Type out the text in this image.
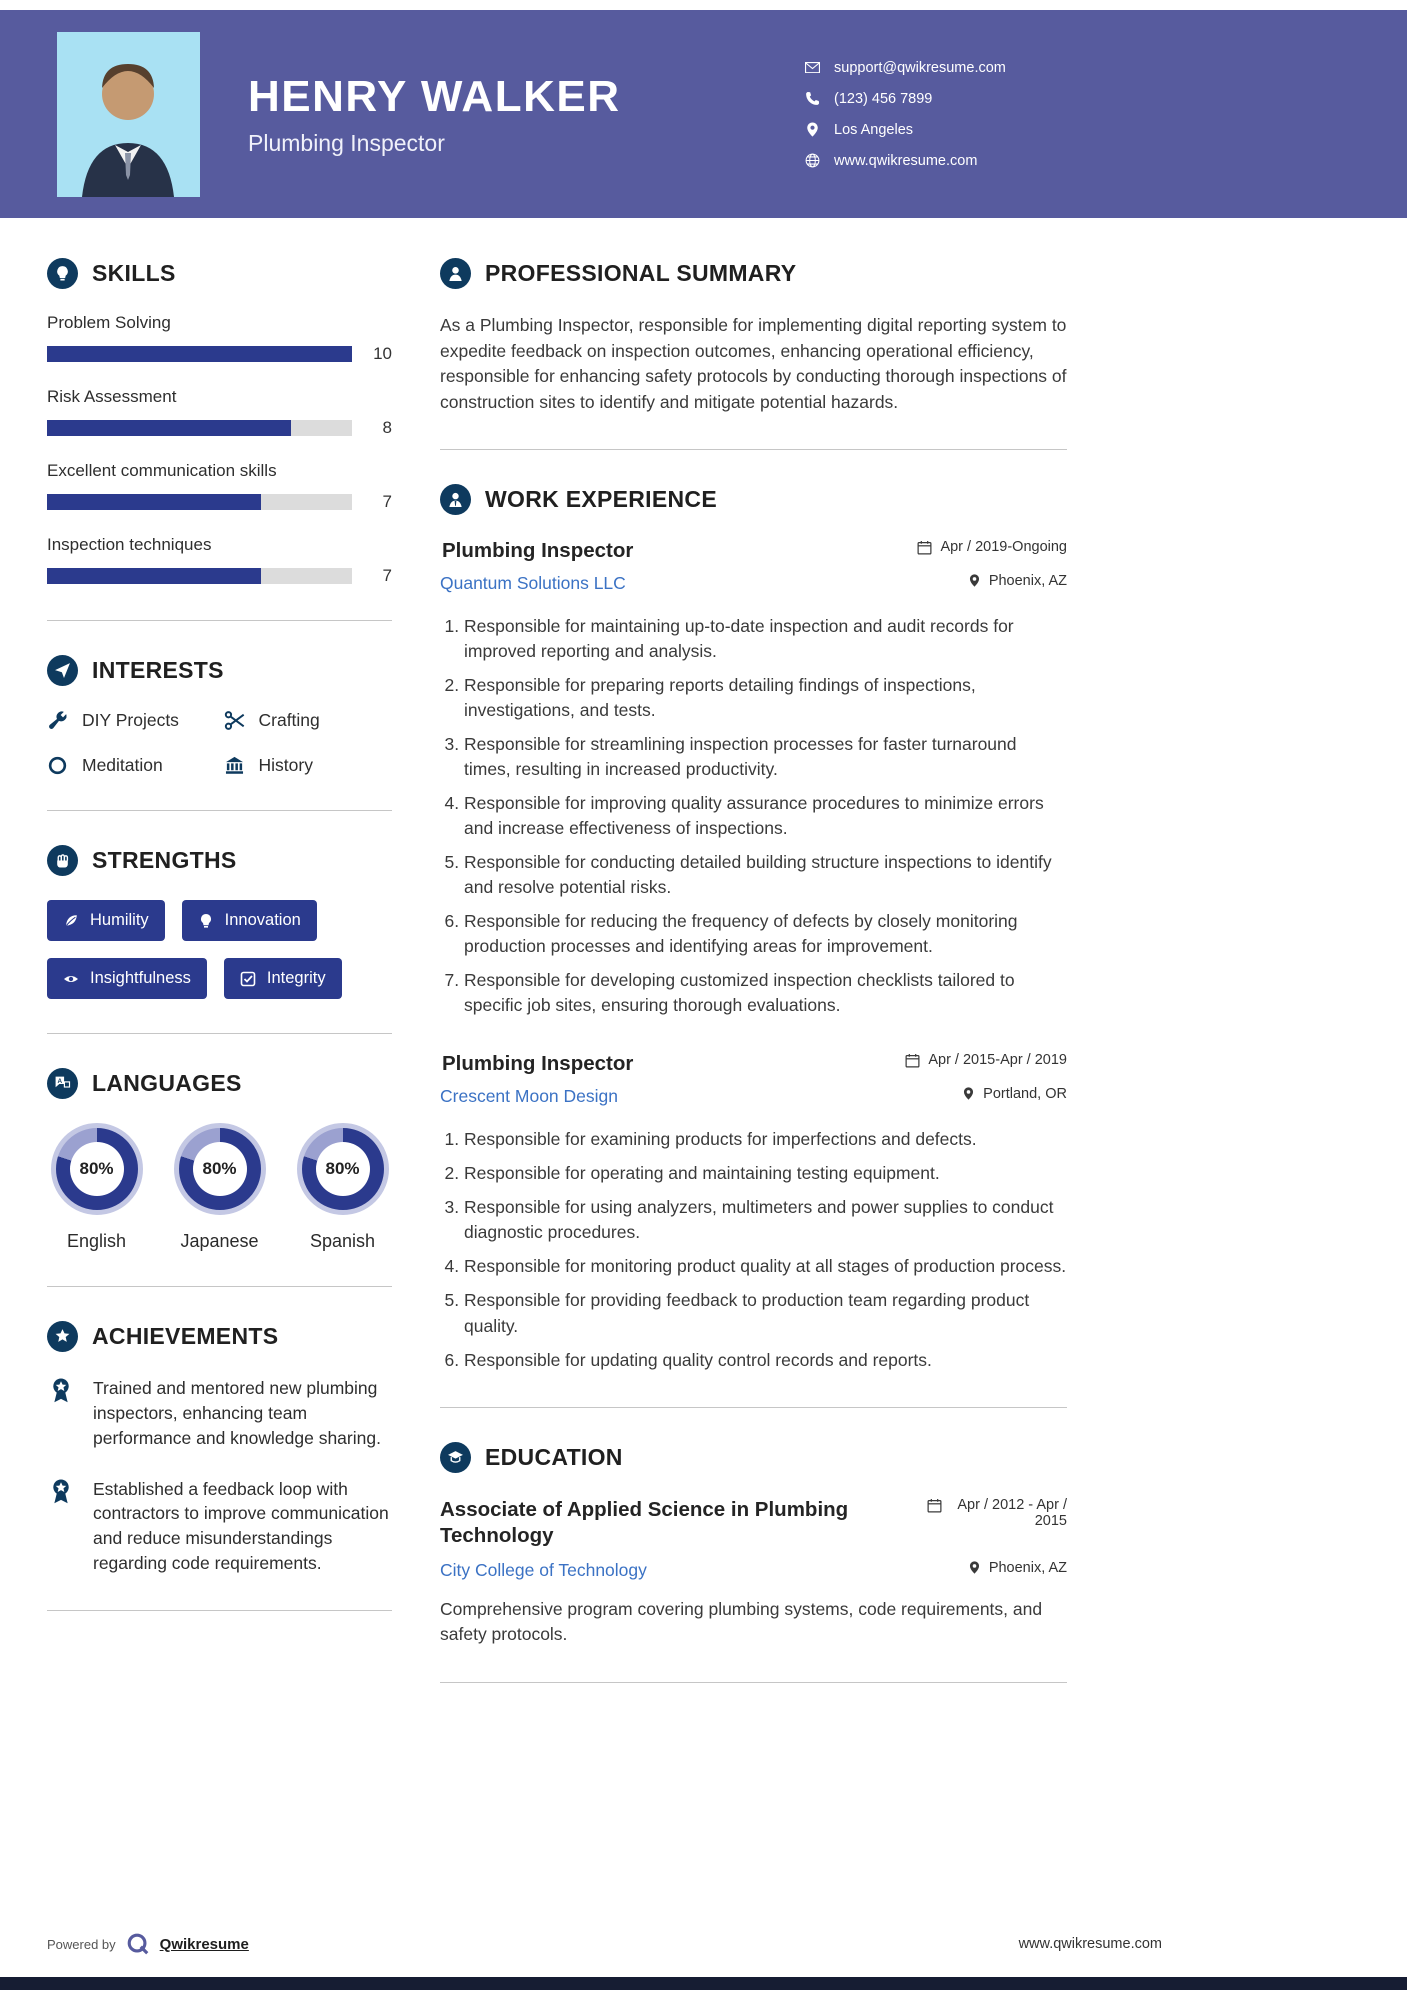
HENRY WALKER
Plumbing Inspector
support@qwikresume.com
(123) 456 7899
Los Angeles
www.qwikresume.com
SKILLS
Problem Solving
10
Risk Assessment
8
Excellent communication skills
7
Inspection techniques
7
INTERESTS
DIY Projects	Crafting
Meditation	History
STRENGTHS
Humility	Innovation
Insightfulness	Integrity
A LANGUAGES
80%
English
80%
Japanese
80%
Spanish
ACHIEVEMENTS
Trained and mentored new plumbing inspectors, enhancing team performance and knowledge sharing.
Established a feedback loop with contractors to improve communication and reduce misunderstandings regarding code requirements.
PROFESSIONAL SUMMARY
As a Plumbing Inspector, responsible for implementing digital reporting system to expedite feedback on inspection outcomes, enhancing operational efficiency, responsible for enhancing safety protocols by conducting thorough inspections of construction sites to identify and mitigate potential hazards.
WORK EXPERIENCE
Plumbing Inspector	Apr / 2019-Ongoing
Quantum Solutions LLC	Phoenix, AZ
1. Responsible for maintaining up-to-date inspection and audit records for improved reporting and analysis.
2. Responsible for preparing reports detailing findings of inspections, investigations, and tests.
3. Responsible for streamlining inspection processes for faster turnaround times, resulting in increased productivity.
4. Responsible for improving quality assurance procedures to minimize errors and increase effectiveness of inspections.
5. Responsible for conducting detailed building structure inspections to identify and resolve potential risks.
6. Responsible for reducing the frequency of defects by closely monitoring production processes and identifying areas for improvement.
7. Responsible for developing customized inspection checklists tailored to specific job sites, ensuring thorough evaluations.
Plumbing Inspector	Apr / 2015-Apr / 2019
Crescent Moon Design	Portland, OR
1. Responsible for examining products for imperfections and defects.
2. Responsible for operating and maintaining testing equipment.
3. Responsible for using analyzers, multimeters and power supplies to conduct diagnostic procedures.
4. Responsible for monitoring product quality at all stages of production process.
5. Responsible for providing feedback to production team regarding product quality.
6. Responsible for updating quality control records and reports.
EDUCATION
Associate of Applied Science in Plumbing Technology
Apr / 2012 - Apr / 2015
City College of Technology	Phoenix, AZ
Comprehensive program covering plumbing systems, code requirements, and safety protocols.
Powered by	Qwikresume	www.qwikresume.com
